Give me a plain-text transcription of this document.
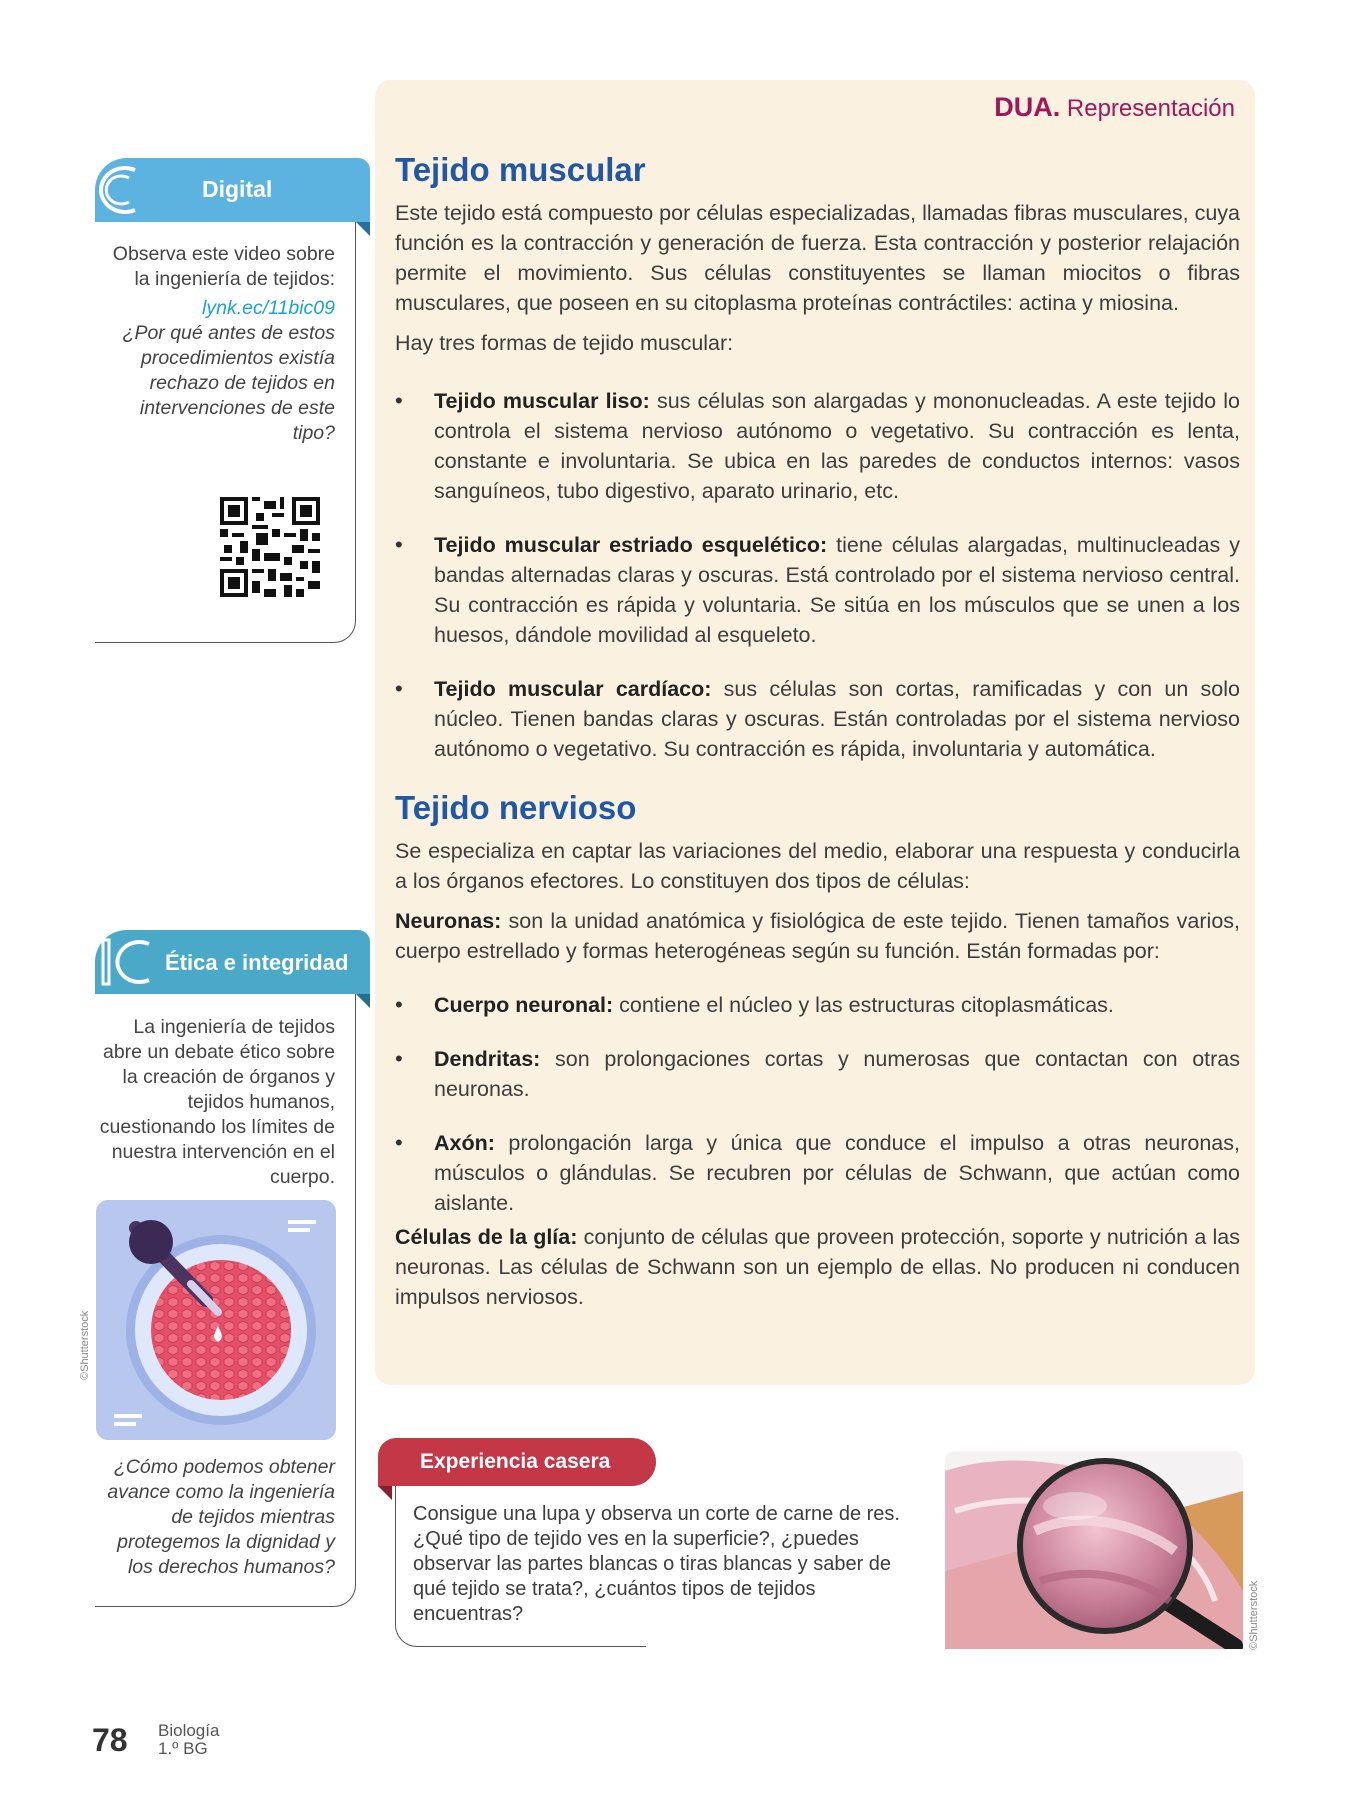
DUA. Representación
Tejido muscular

Este tejido está compuesto por células especializadas, llamadas fibras musculares, cuya función es la contracción y generación de fuerza. Esta contracción y posterior relajación permite el movimiento. Sus células constituyentes se llaman miocitos o fibras musculares, que poseen en su citoplasma proteínas contráctiles: actina y miosina.

Hay tres formas de tejido muscular:

• Tejido muscular liso: sus células son alargadas y mononucleadas. A este tejido lo controla el sistema nervioso autónomo o vegetativo. Su contracción es lenta, constante e involuntaria. Se ubica en las paredes de conductos internos: vasos sanguíneos, tubo digestivo, aparato urinario, etc.
• Tejido muscular estriado esquelético: tiene células alargadas, multinucleadas y bandas alternadas claras y oscuras. Está controlado por el sistema nervioso central. Su contracción es rápida y voluntaria. Se sitúa en los músculos que se unen a los huesos, dándole movilidad al esqueleto.
• Tejido muscular cardíaco: sus células son cortas, ramificadas y con un solo núcleo. Tienen bandas claras y oscuras. Están controladas por el sistema nervioso autónomo o vegetativo. Su contracción es rápida, involuntaria y automática.
Tejido nervioso

Se especializa en captar las variaciones del medio, elaborar una respuesta y conducirla a los órganos efectores. Lo constituyen dos tipos de células:

Neuronas: son la unidad anatómica y fisiológica de este tejido. Tienen tamaños varios, cuerpo estrellado y formas heterogéneas según su función. Están formadas por:

• Cuerpo neuronal: contiene el núcleo y las estructuras citoplasmáticas.
• Dendritas: son prolongaciones cortas y numerosas que contactan con otras neuronas.
• Axón: prolongación larga y única que conduce el impulso a otras neuronas, músculos o glándulas. Se recubren por células de Schwann, que actúan como aislante.

Células de la glía: conjunto de células que proveen protección, soporte y nutrición a las neuronas. Las células de Schwann son un ejemplo de ellas. No producen ni conducen impulsos nerviosos.

Digital
Observa este video sobre la ingeniería de tejidos:
lynk.ec/11bic09
¿Por qué antes de estos procedimientos existía rechazo de tejidos en intervenciones de este tipo?
Ética e integridad
La ingeniería de tejidos abre un debate ético sobre la creación de órganos y tejidos humanos, cuestionando los límites de nuestra intervención en el cuerpo.
©Shutterstock
¿Cómo podemos obtener avance como la ingeniería de tejidos mientras protegemos la dignidad y los derechos humanos?
Experiencia casera
Consigue una lupa y observa un corte de carne de res. ¿Qué tipo de tejido ves en la superficie?, ¿puedes observar las partes blancas o tiras blancas y saber de qué tejido se trata?, ¿cuántos tipos de tejidos encuentras?	©Shutterstock
78 Biología
1.º BG
